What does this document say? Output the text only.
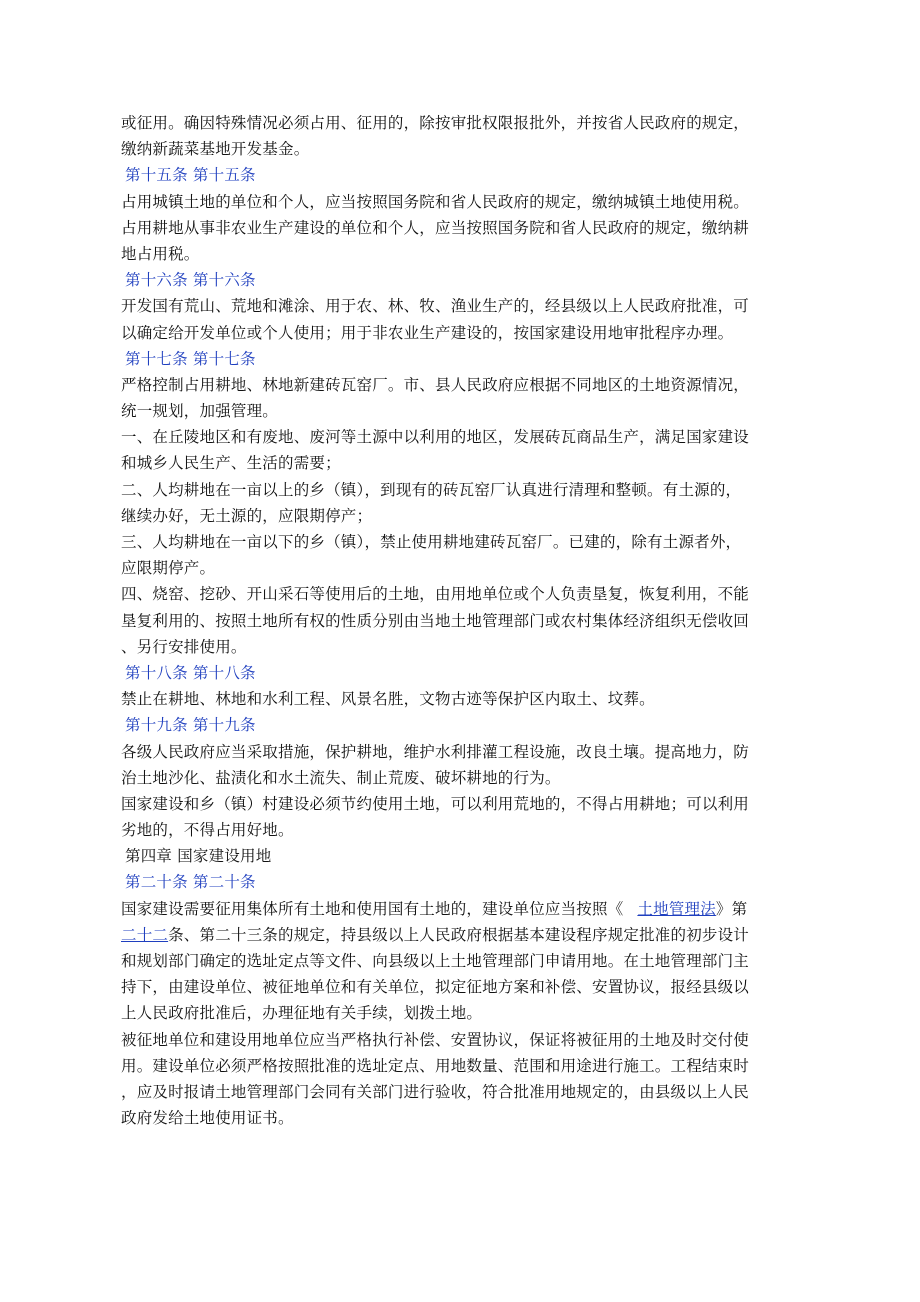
或征用。确因特殊情况必须占用、征用的，除按审批权限报批外，并按省人民政府的规定，
缴纳新蔬菜基地开发基金。
第十五条 第十五条
占用城镇土地的单位和个人，应当按照国务院和省人民政府的规定，缴纳城镇土地使用税。
占用耕地从事非农业生产建设的单位和个人，应当按照国务院和省人民政府的规定，缴纳耕
地占用税。
第十六条 第十六条
开发国有荒山、荒地和滩涂、用于农、林、牧、渔业生产的，经县级以上人民政府批准，可
以确定给开发单位或个人使用；用于非农业生产建设的，按国家建设用地审批程序办理。
第十七条 第十七条
严格控制占用耕地、林地新建砖瓦窑厂。市、县人民政府应根据不同地区的土地资源情况，
统一规划，加强管理。
一、在丘陵地区和有废地、废河等土源中以利用的地区，发展砖瓦商品生产，满足国家建设
和城乡人民生产、生活的需要；
二、人均耕地在一亩以上的乡（镇），到现有的砖瓦窑厂认真进行清理和整顿。有土源的，
继续办好，无土源的，应限期停产；
三、人均耕地在一亩以下的乡（镇），禁止使用耕地建砖瓦窑厂。已建的，除有土源者外，
应限期停产。
四、烧窑、挖砂、开山采石等使用后的土地，由用地单位或个人负责垦复，恢复利用，不能
垦复利用的、按照土地所有权的性质分别由当地土地管理部门或农村集体经济组织无偿收回
、另行安排使用。
第十八条 第十八条
禁止在耕地、林地和水利工程、风景名胜，文物古迹等保护区内取土、坟葬。
第十九条 第十九条
各级人民政府应当采取措施，保护耕地，维护水利排灌工程设施，改良土壤。提高地力，防
治土地沙化、盐渍化和水土流失、制止荒废、破坏耕地的行为。
国家建设和乡（镇）村建设必须节约使用土地，可以利用荒地的，不得占用耕地；可以利用
劣地的，不得占用好地。
第四章 国家建设用地
第二十条 第二十条
国家建设需要征用集体所有土地和使用国有土地的，建设单位应当按照《 土地管理法》第
二十二条、第二十三条的规定，持县级以上人民政府根据基本建设程序规定批准的初步设计
和规划部门确定的选址定点等文件、向县级以上土地管理部门申请用地。在土地管理部门主
持下，由建设单位、被征地单位和有关单位，拟定征地方案和补偿、安置协议，报经县级以
上人民政府批准后，办理征地有关手续，划拨土地。
被征地单位和建设用地单位应当严格执行补偿、安置协议，保证将被征用的土地及时交付使
用。建设单位必须严格按照批准的选址定点、用地数量、范围和用途进行施工。工程结束时
，应及时报请土地管理部门会同有关部门进行验收，符合批准用地规定的，由县级以上人民
政府发给土地使用证书。
